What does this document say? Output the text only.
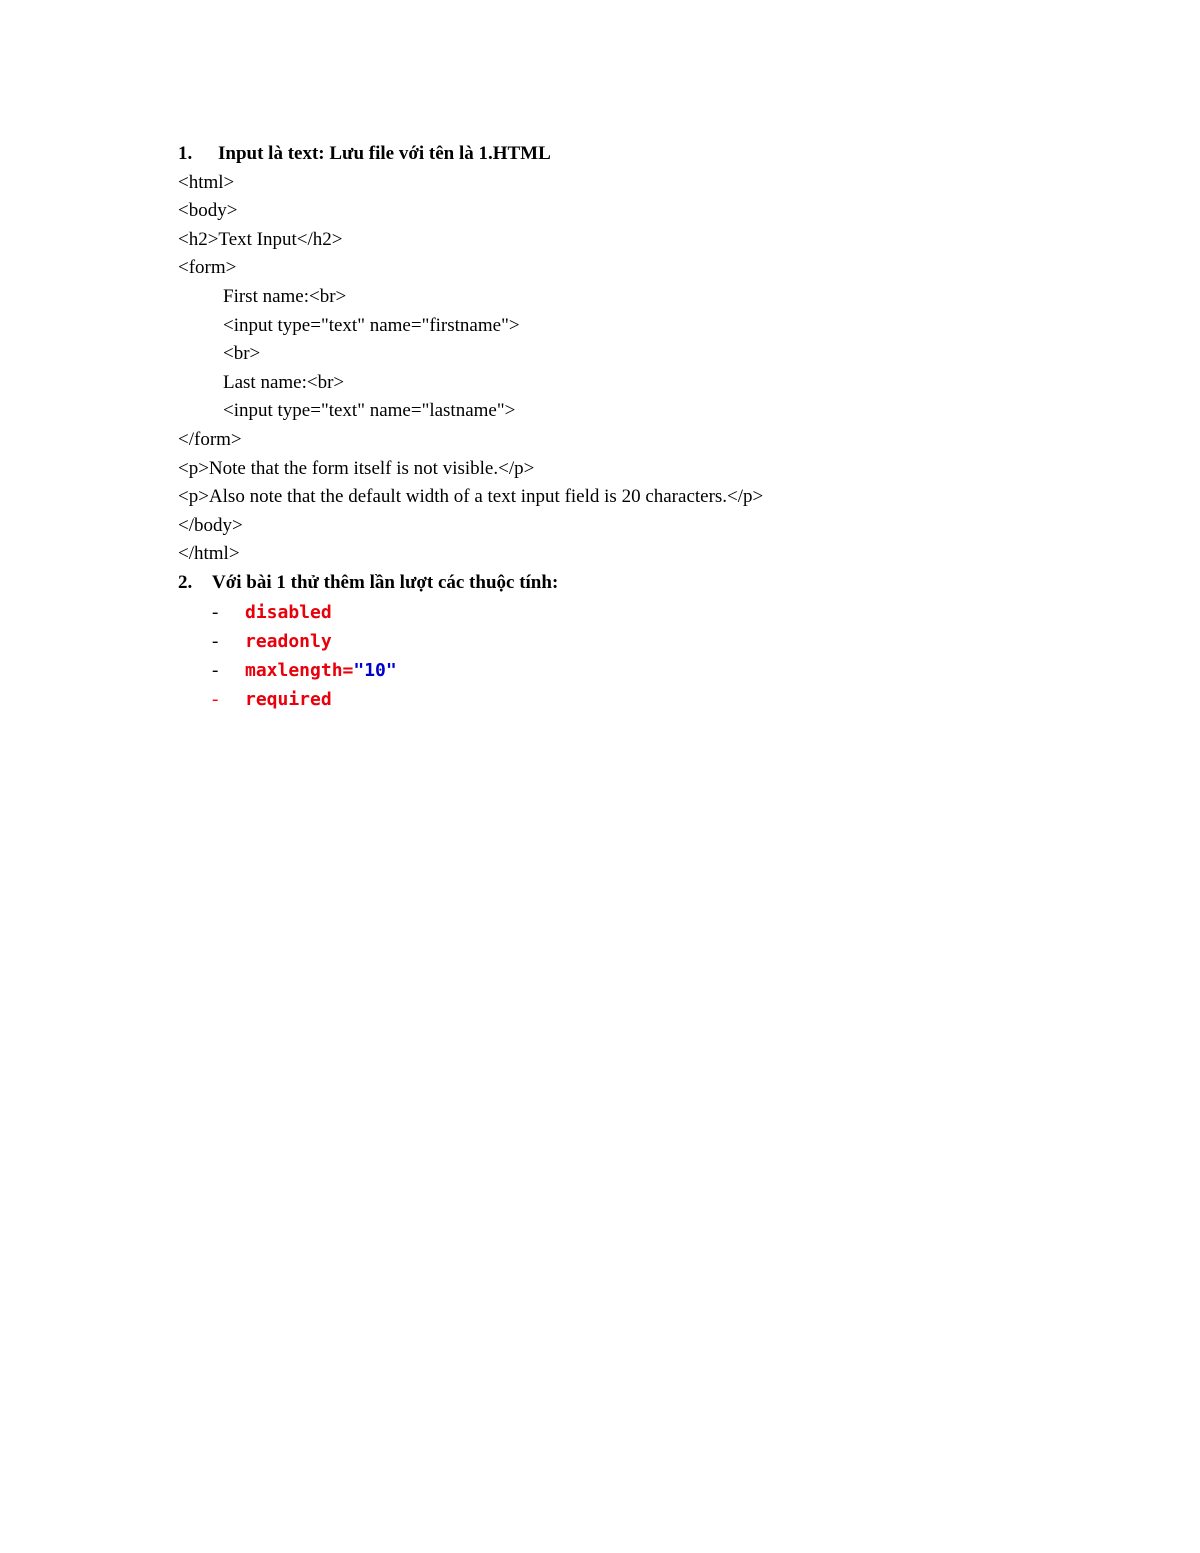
1.	Input là text: Lưu file với tên là 1.HTML
<html>
<body>
<h2>Text Input</h2>
<form>
First name:<br>
<input type="text" name="firstname">
<br>
Last name:<br>
<input type="text" name="lastname">
</form>
<p>Note that the form itself is not visible.</p>
<p>Also note that the default width of a text input field is 20 characters.</p>
</body>
</html>
2.	Với bài 1 thử thêm lần lượt các thuộc tính:
-	disabled
-	readonly
-	maxlength="10"
-	required
